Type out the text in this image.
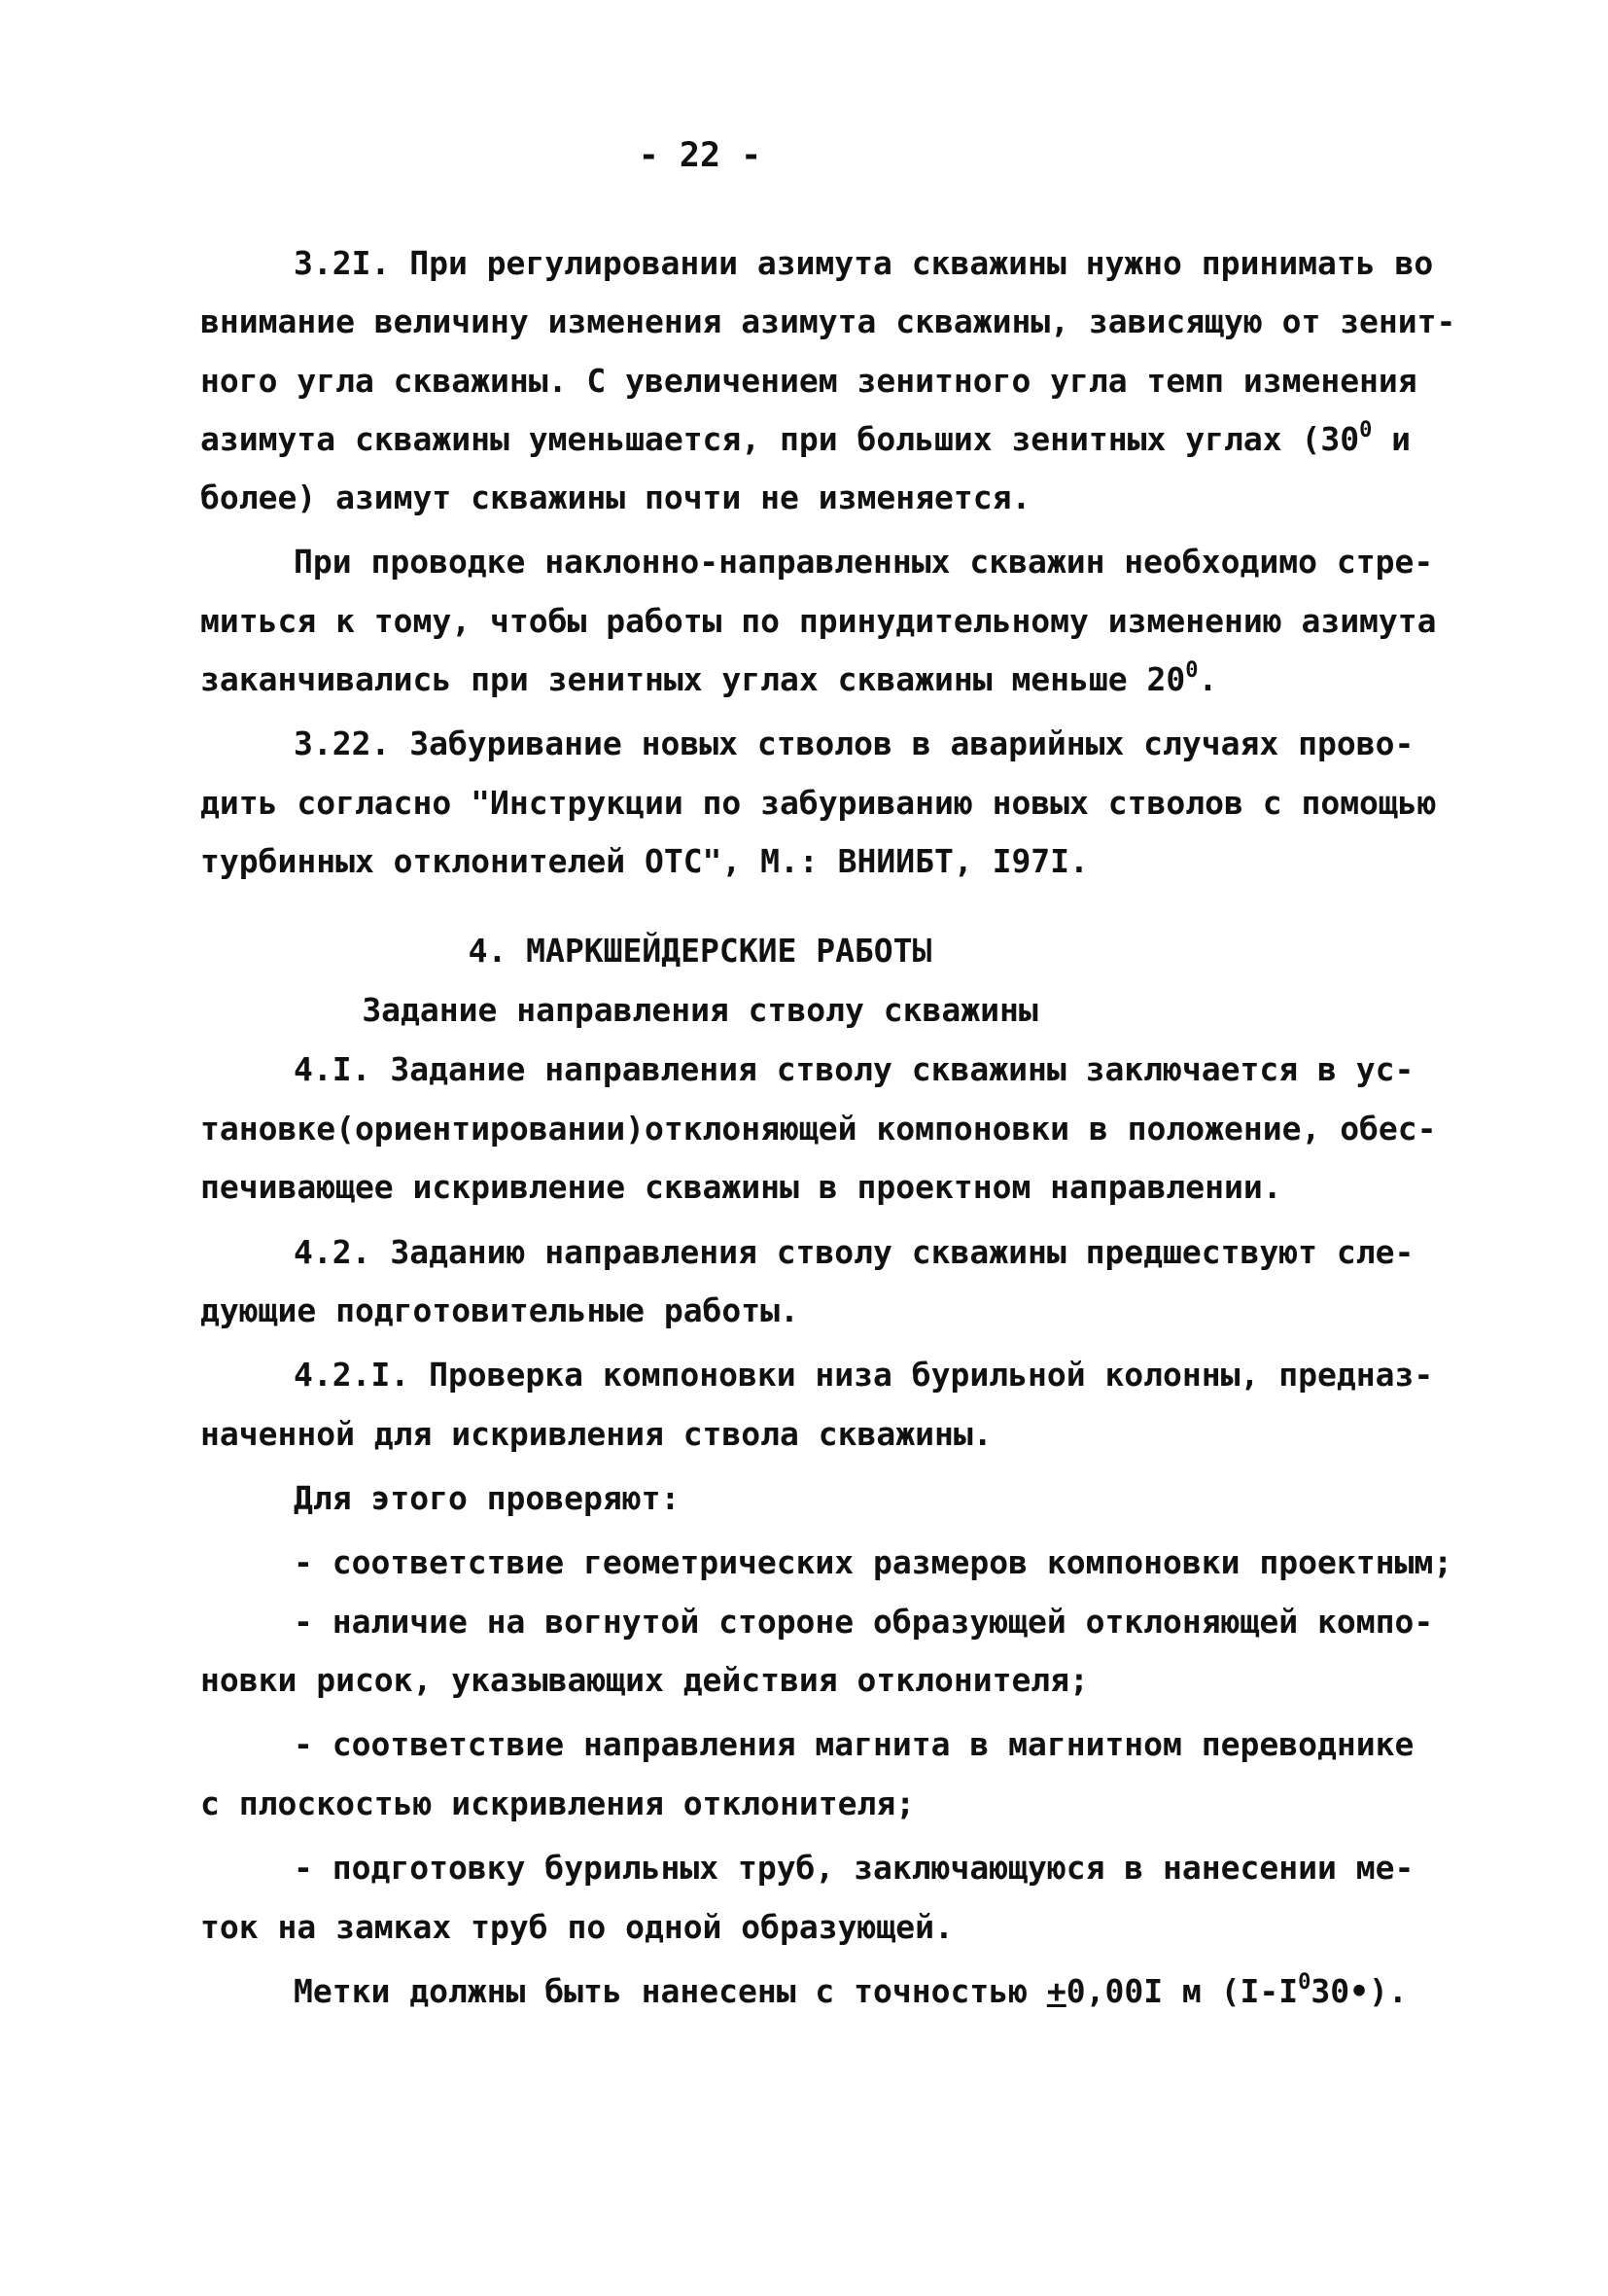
- 22 -
3.2I. При регулировании азимута скважины нужно принимать во
внимание величину изменения азимута скважины, зависящую от зенит-
ного угла скважины. С увеличением зенитного угла темп изменения
азимута скважины уменьшается, при больших зенитных углах ($30^0$ и
более) азимут скважины почти не изменяется.
При проводке наклонно-направленных скважин необходимо стре-
миться к тому, чтобы работы по принудительному изменению азимута
заканчивались при зенитных углах скважины меньше $20^0$.
3.22. Забуривание новых стволов в аварийных случаях прово-
дить согласно "Инструкции по забуриванию новых стволов с помощью
турбинных отклонителей ОТС", М.: ВНИИБТ, I97I.
4. МАРКШЕЙДЕРСКИЕ РАБОТЫ
Задание направления стволу скважины
4.I. Задание направления стволу скважины заключается в ус-
тановке(ориентировании)отклоняющей компоновки в положение, обес-
печивающее искривление скважины в проектном направлении.
4.2. Заданию направления стволу скважины предшествуют сле-
дующие подготовительные работы.
4.2.I. Проверка компоновки низа бурильной колонны, предназ-
наченной для искривления ствола скважины.
Для этого проверяют:
- соответствие геометрических размеров компоновки проектным;
- наличие на вогнутой стороне образующей отклоняющей компо-
новки рисок, указывающих действия отклонителя;
- соответствие направления магнита в магнитном переводнике
с плоскостью искривления отклонителя;
- подготовку бурильных труб, заключающуюся в нанесении ме-
ток на замках труб по одной образующей.
Метки должны быть нанесены с точностью +0,00I м $(I-I^030•)$.
